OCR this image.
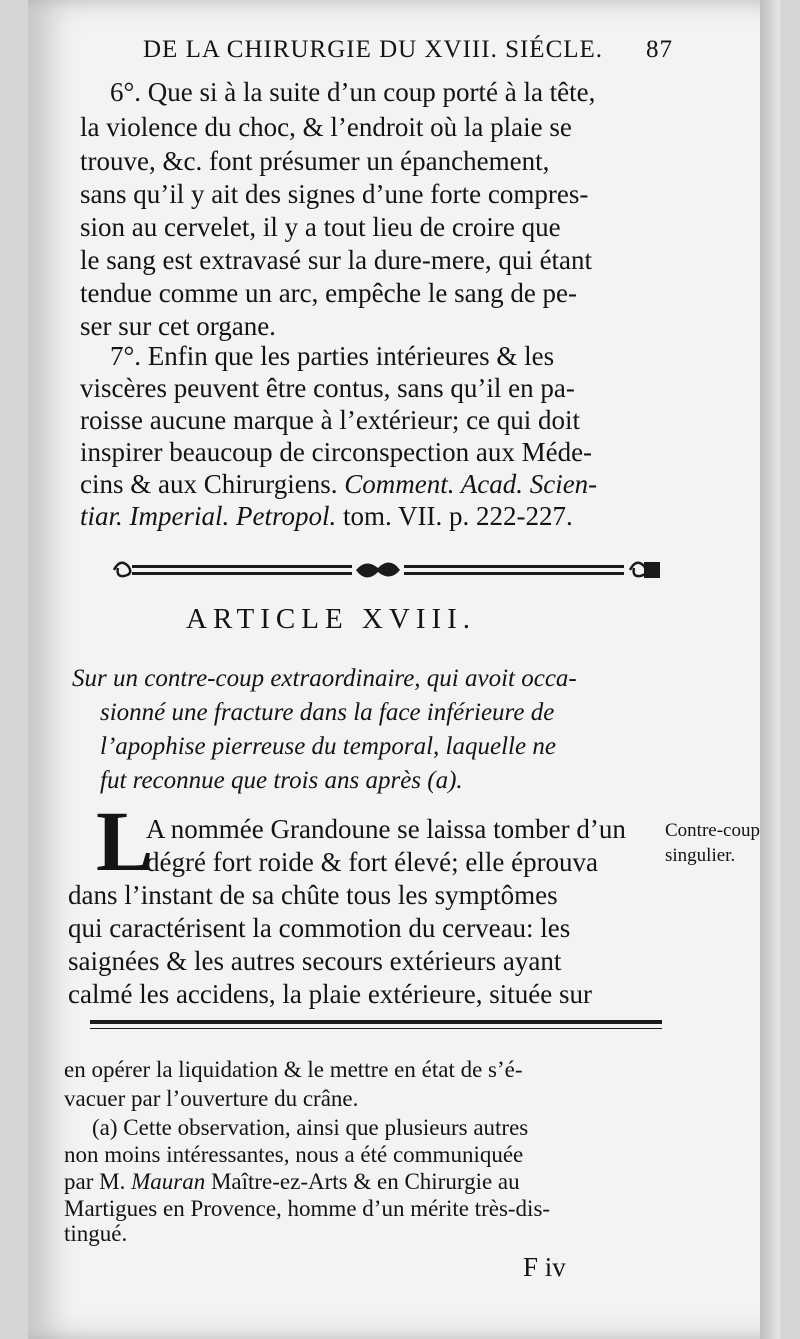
DE LA CHIRURGIE DU XVIII. SIÉCLE. 87
6°. Que si à la suite d’un coup porté à la tête,
la violence du choc, & l’endroit où la plaie se
trouve, &c. font présumer un épanchement,
sans qu’il y ait des signes d’une forte compres-
sion au cervelet, il y a tout lieu de croire que
le sang est extravasé sur la dure-mere, qui étant
tendue comme un arc, empêche le sang de pe-
ser sur cet organe.
7°. Enfin que les parties intérieures & les
viscères peuvent être contus, sans qu’il en pa-
roisse aucune marque à l’extérieur; ce qui doit
inspirer beaucoup de circonspection aux Méde-
cins & aux Chirurgiens. Comment. Acad. Scien-
tiar. Imperial. Petropol. tom. VII. p. 222-227.
ARTICLE XVIII.
Sur un contre-coup extraordinaire, qui avoit occa-
sionné une fracture dans la face inférieure de
l’apophise pierreuse du temporal, laquelle ne
fut reconnue que trois ans après (a).
L
A nommée Grandoune se laissa tomber d’un
dégré fort roide & fort élevé; elle éprouva
dans l’instant de sa chûte tous les symptômes
qui caractérisent la commotion du cerveau: les
saignées & les autres secours extérieurs ayant
calmé les accidens, la plaie extérieure, située sur
Contre-coup
singulier.
en opérer la liquidation & le mettre en état de s’é-
vacuer par l’ouverture du crâne.
(a) Cette observation, ainsi que plusieurs autres
non moins intéressantes, nous a été communiquée
par M. Mauran Maître-ez-Arts & en Chirurgie au
Martigues en Provence, homme d’un mérite très-dis-
tingué.
F iv
